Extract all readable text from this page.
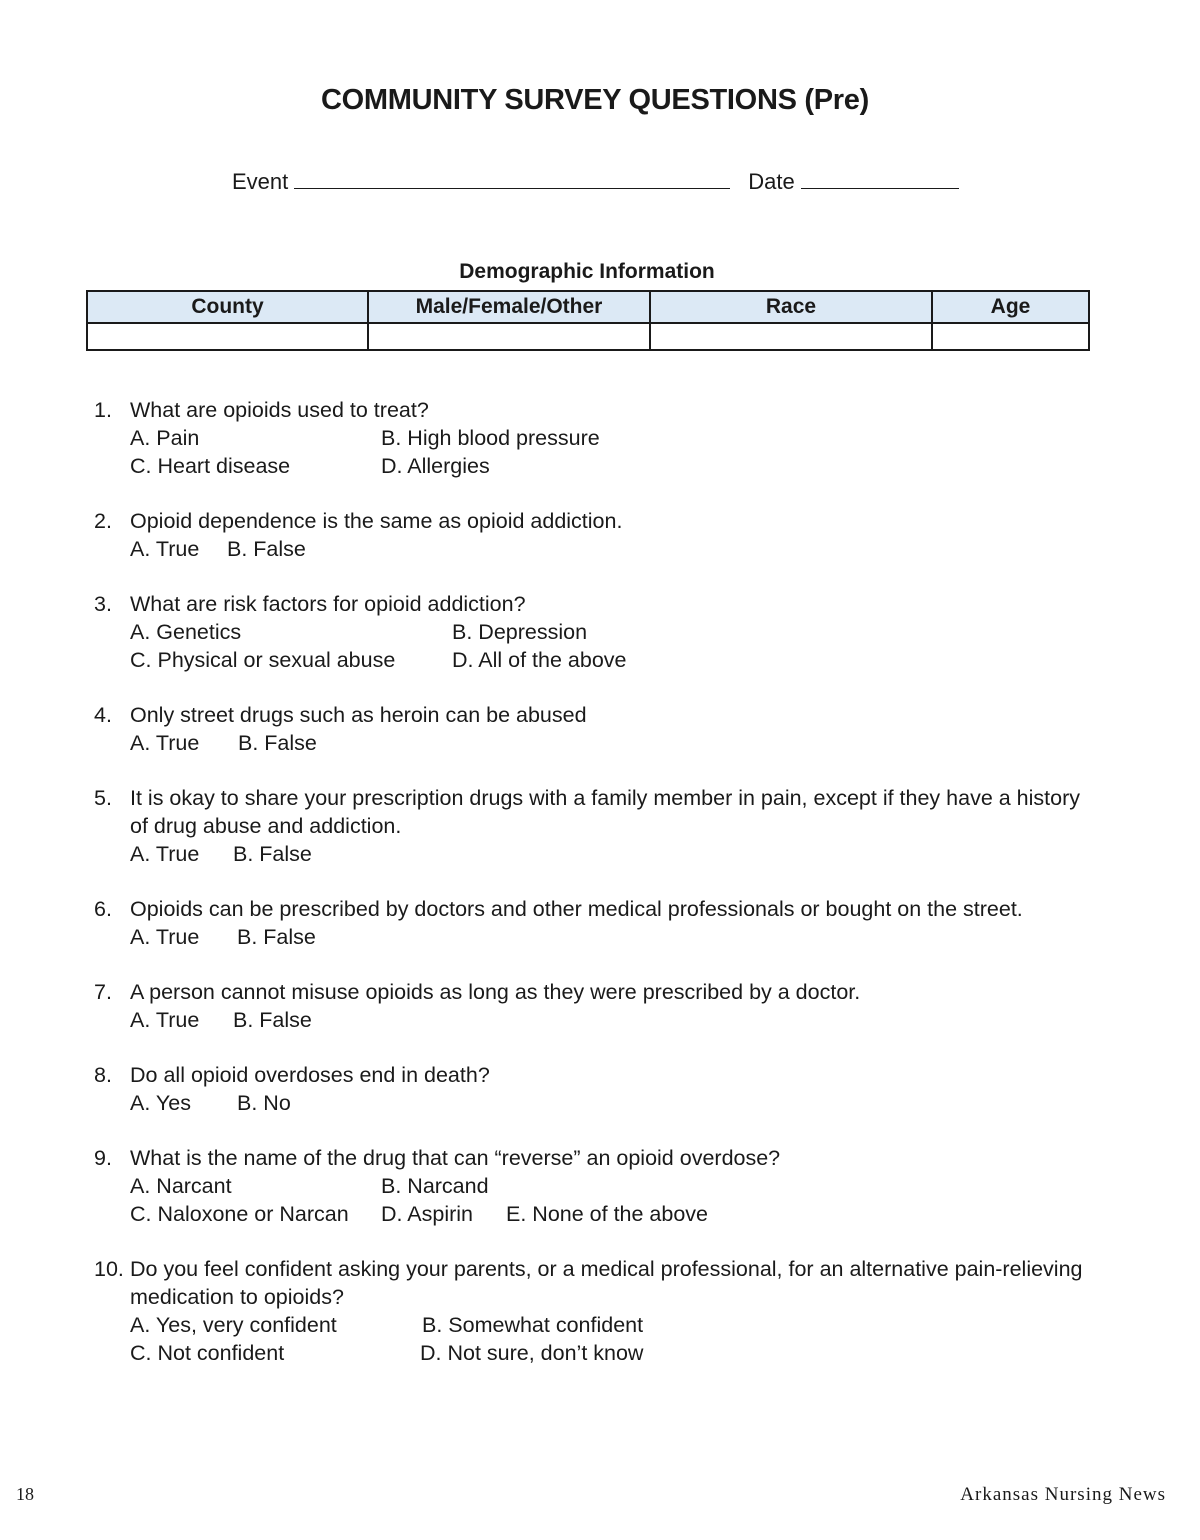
COMMUNITY SURVEY QUESTIONS (Pre)
Event	Date
Demographic Information
County	Male/Female/Other	Race	Age

1. What are opioids used to treat?
A. Pain	B. High blood pressure
C. Heart disease	D. Allergies
2. Opioid dependence is the same as opioid addiction.
A. True B. False
3. What are risk factors for opioid addiction?
A. Genetics	B. Depression
C. Physical or sexual abuse	D. All of the above
4. Only street drugs such as heroin can be abused
A. True B. False
5. It is okay to share your prescription drugs with a family member in pain, except if they have a history of drug abuse and addiction.
A. True B. False
6. Opioids can be prescribed by doctors and other medical professionals or bought on the street.
A. True B. False
7. A person cannot misuse opioids as long as they were prescribed by a doctor.
A. True B. False
8. Do all opioid overdoses end in death?
A. Yes B. No
9. What is the name of the drug that can “reverse” an opioid overdose?
A. Narcant	B. Narcand
C. Naloxone or Narcan D. Aspirin E. None of the above
10. Do you feel confident asking your parents, or a medical professional, for an alternative pain-relieving medication to opioids?
A. Yes, very confident	B. Somewhat confident
C. Not confident	D. Not sure, don’t know
18	Arkansas Nursing News
